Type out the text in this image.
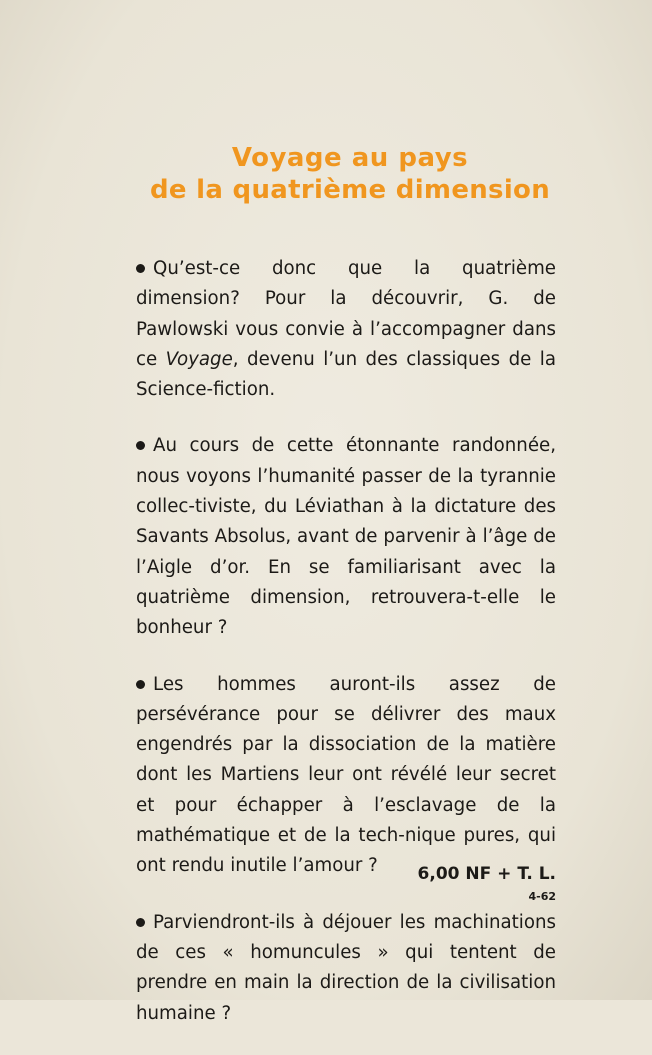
Voyage au pays
de la quatrième dimension

Qu’est-ce donc que la quatrième dimension? Pour la découvrir, G. de Pawlowski vous convie à l’accompagner dans ce Voyage, devenu l’un des classiques de la Science-fiction.

Au cours de cette étonnante randonnée, nous voyons l’humanité passer de la tyrannie collec-tiviste, du Léviathan à la dictature des Savants Absolus, avant de parvenir à l’âge de l’Aigle d’or. En se familiarisant avec la quatrième dimension, retrouvera-t-elle le bonheur ?

Les hommes auront-ils assez de persévérance pour se délivrer des maux engendrés par la dissociation de la matière dont les Martiens leur ont révélé leur secret et pour échapper à l’esclavage de la mathématique et de la tech-nique pures, qui ont rendu inutile l’amour ?

Parviendront-ils à déjouer les machinations de ces « homuncules » qui tentent de prendre en main la direction de la civilisation humaine ?

6,00 NF + T. L.
4-62
